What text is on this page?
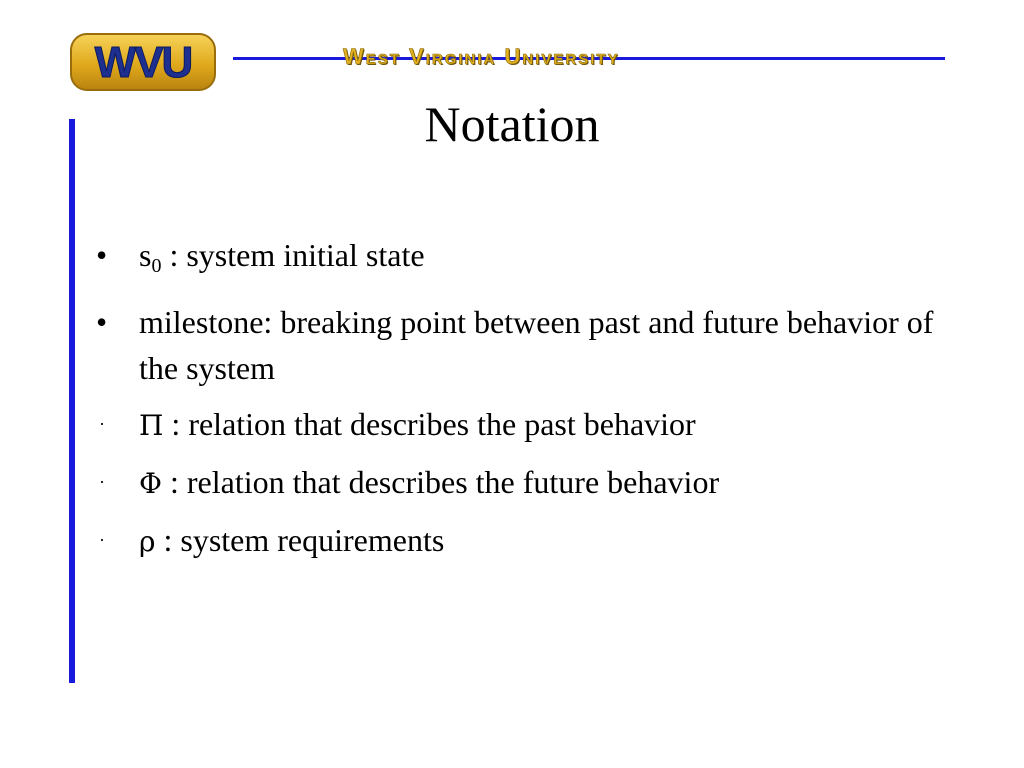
WVU	West Virginia University
Notation
• $s_0$ : system initial state
• milestone: breaking point between past and future behavior of the system
·	Π : relation that describes the past behavior
·	Φ : relation that describes the future behavior
·	ρ : system requirements
